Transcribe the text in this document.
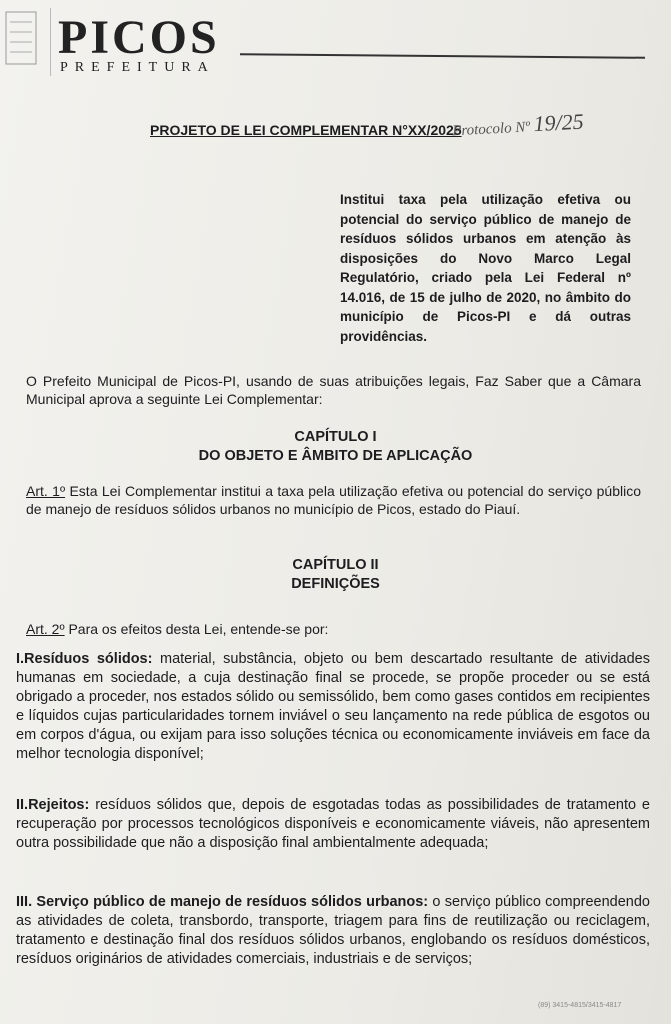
PICOS
PREFEITURA
PROJETO DE LEI COMPLEMENTAR N°XX/2025
Protocolo Nº 19/25
Institui taxa pela utilização efetiva ou potencial do serviço público de manejo de resíduos sólidos urbanos em atenção às disposições do Novo Marco Legal Regulatório, criado pela Lei Federal nº 14.016, de 15 de julho de 2020, no âmbito do município de Picos-PI e dá outras providências.
O Prefeito Municipal de Picos-PI, usando de suas atribuições legais, Faz Saber que a Câmara Municipal aprova a seguinte Lei Complementar:
CAPÍTULO I
DO OBJETO E ÂMBITO DE APLICAÇÃO
Art. 1º Esta Lei Complementar institui a taxa pela utilização efetiva ou potencial do serviço público de manejo de resíduos sólidos urbanos no município de Picos, estado do Piauí.
CAPÍTULO II
DEFINIÇÕES
Art. 2º Para os efeitos desta Lei, entende-se por:
I.Resíduos sólidos: material, substância, objeto ou bem descartado resultante de atividades humanas em sociedade, a cuja destinação final se procede, se propõe proceder ou se está obrigado a proceder, nos estados sólido ou semissólido, bem como gases contidos em recipientes e líquidos cujas particularidades tornem inviável o seu lançamento na rede pública de esgotos ou em corpos d'água, ou exijam para isso soluções técnica ou economicamente inviáveis em face da melhor tecnologia disponível;
II.Rejeitos: resíduos sólidos que, depois de esgotadas todas as possibilidades de tratamento e recuperação por processos tecnológicos disponíveis e economicamente viáveis, não apresentem outra possibilidade que não a disposição final ambientalmente adequada;
III. Serviço público de manejo de resíduos sólidos urbanos: o serviço público compreendendo as atividades de coleta, transbordo, transporte, triagem para fins de reutilização ou reciclagem, tratamento e destinação final dos resíduos sólidos urbanos, englobando os resíduos domésticos, resíduos originários de atividades comerciais, industriais e de serviços;
(89) 3415-4815/3415-4817
